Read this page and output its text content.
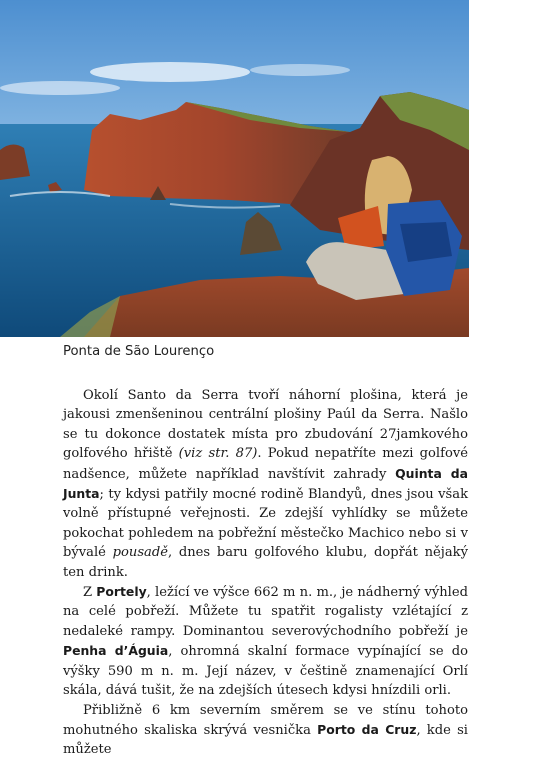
Ponta de São Lourenço

Okolí Santo da Serra tvoří náhorní plošina, která je jakousi zmenšeninou centrální plošiny Paúl da Serra. Našlo se tu dokonce dostatek místa pro zbudování 27jamkového golfového hřiště (viz str. 87). Pokud nepatříte mezi golfové nadšence, můžete například navštívit zahrady Quinta da Junta; ty kdysi patřily mocné rodině Blandyů, dnes jsou však volně přístupné veřejnosti. Ze zdejší vyhlídky se můžete pokochat pohledem na pobřežní městečko Machico nebo si v bývalé pousadě, dnes baru golfového klubu, dopřát nějaký ten drink.

Z Portely, ležící ve výšce 662 m n. m., je nádherný výhled na celé pobřeží. Můžete tu spatřit rogalisty vzlétající z nedaleké rampy. Dominantou severovýchodního pobřeží je Penha d’Águia, ohromná skalní formace vypínající se do výšky 590 m n. m. Její název, v češtině znamenající Orlí skála, dává tušit, že na zdejších útesech kdysi hnízdili orli.

Přibližně 6 km severním směrem se ve stínu tohoto mohutného skaliska skrývá vesnička Porto da Cruz, kde si můžete
